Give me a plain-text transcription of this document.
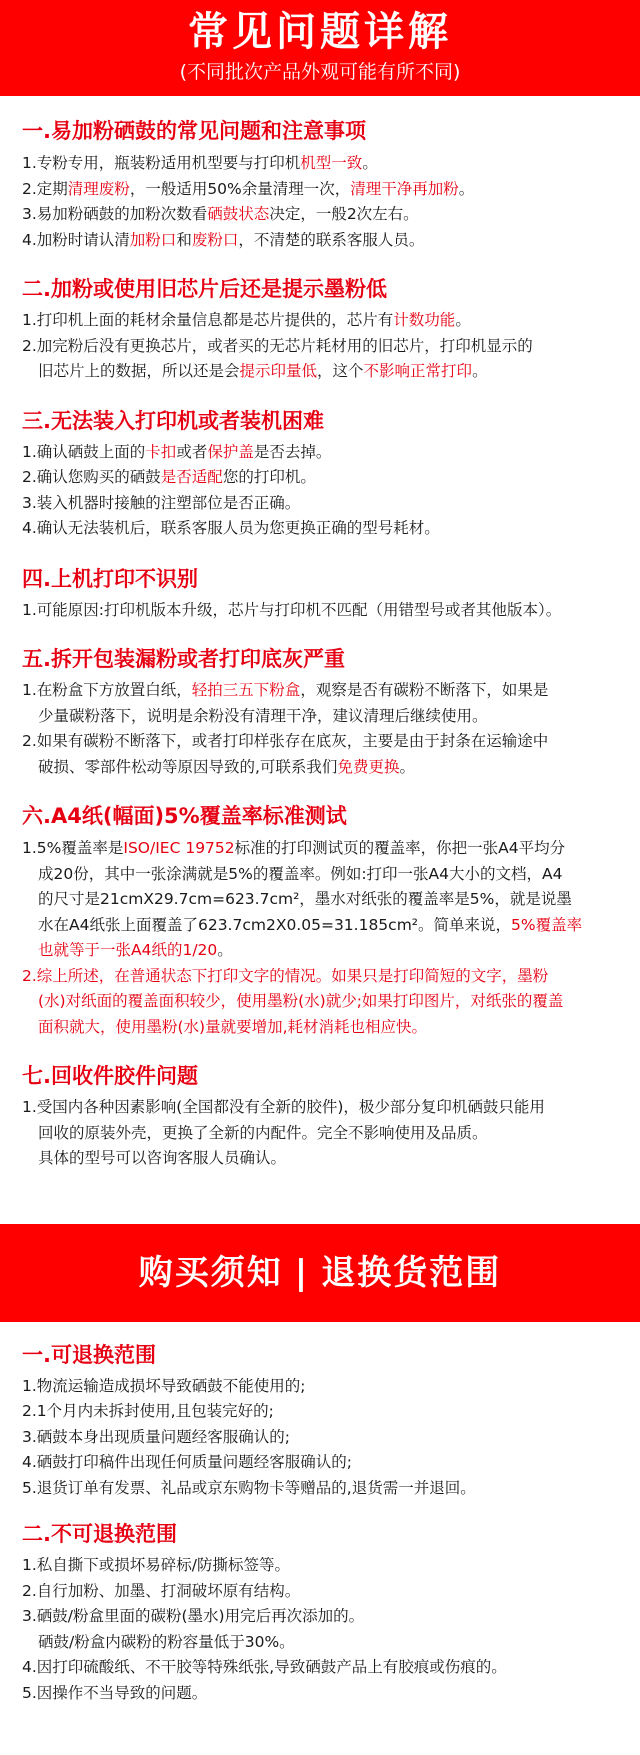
常见问题详解
(不同批次产品外观可能有所不同)
一.易加粉硒鼓的常见问题和注意事项
1.专粉专用，瓶装粉适用机型要与打印机机型一致。
2.定期清理废粉，一般适用50%余量清理一次，清理干净再加粉。
3.易加粉硒鼓的加粉次数看硒鼓状态决定，一般2次左右。
4.加粉时请认清加粉口和废粉口，不清楚的联系客服人员。
二.加粉或使用旧芯片后还是提示墨粉低
1.打印机上面的耗材余量信息都是芯片提供的，芯片有计数功能。
2.加完粉后没有更换芯片，或者买的无芯片耗材用的旧芯片，打印机显示的
旧芯片上的数据，所以还是会提示印量低，这个不影响正常打印。
三.无法装入打印机或者装机困难
1.确认硒鼓上面的卡扣或者保护盖是否去掉。
2.确认您购买的硒鼓是否适配您的打印机。
3.装入机器时接触的注塑部位是否正确。
4.确认无法装机后，联系客服人员为您更换正确的型号耗材。
四.上机打印不识别
1.可能原因:打印机版本升级，芯片与打印机不匹配（用错型号或者其他版本）。
五.拆开包装漏粉或者打印底灰严重
1.在粉盒下方放置白纸，轻拍三五下粉盒，观察是否有碳粉不断落下，如果是
少量碳粉落下，说明是余粉没有清理干净，建议清理后继续使用。
2.如果有碳粉不断落下，或者打印样张存在底灰，主要是由于封条在运输途中
破损、零部件松动等原因导致的,可联系我们免费更换。
六.A4纸(幅面)5%覆盖率标准测试
1.5%覆盖率是ISO/IEC 19752标准的打印测试页的覆盖率，你把一张A4平均分
成20份，其中一张涂满就是5%的覆盖率。例如:打印一张A4大小的文档，A4
的尺寸是21cmX29.7cm=623.7cm²，墨水对纸张的覆盖率是5%，就是说墨
水在A4纸张上面覆盖了623.7cm2X0.05=31.185cm²。简单来说，5%覆盖率
也就等于一张A4纸的1/20。
2.综上所述，在普通状态下打印文字的情况。如果只是打印简短的文字，墨粉
(水)对纸面的覆盖面积较少，使用墨粉(水)就少;如果打印图片，对纸张的覆盖
面积就大，使用墨粉(水)量就要增加,耗材消耗也相应快。
七.回收件胶件问题
1.受国内各种因素影响(全国都没有全新的胶件)，极少部分复印机硒鼓只能用
回收的原装外壳，更换了全新的内配件。完全不影响使用及品质。
具体的型号可以咨询客服人员确认。
购买须知 | 退换货范围
一.可退换范围
1.物流运输造成损坏导致硒鼓不能使用的;
2.1个月内未拆封使用,且包装完好的;
3.硒鼓本身出现质量问题经客服确认的;
4.硒鼓打印稿件出现任何质量问题经客服确认的;
5.退货订单有发票、礼品或京东购物卡等赠品的,退货需一并退回。
二.不可退换范围
1.私自撕下或损坏易碎标/防撕标签等。
2.自行加粉、加墨、打洞破坏原有结构。
3.硒鼓/粉盒里面的碳粉(墨水)用完后再次添加的。
硒鼓/粉盒内碳粉的粉容量低于30%。
4.因打印硫酸纸、不干胶等特殊纸张,导致硒鼓产品上有胶痕或伤痕的。
5.因操作不当导致的问题。
